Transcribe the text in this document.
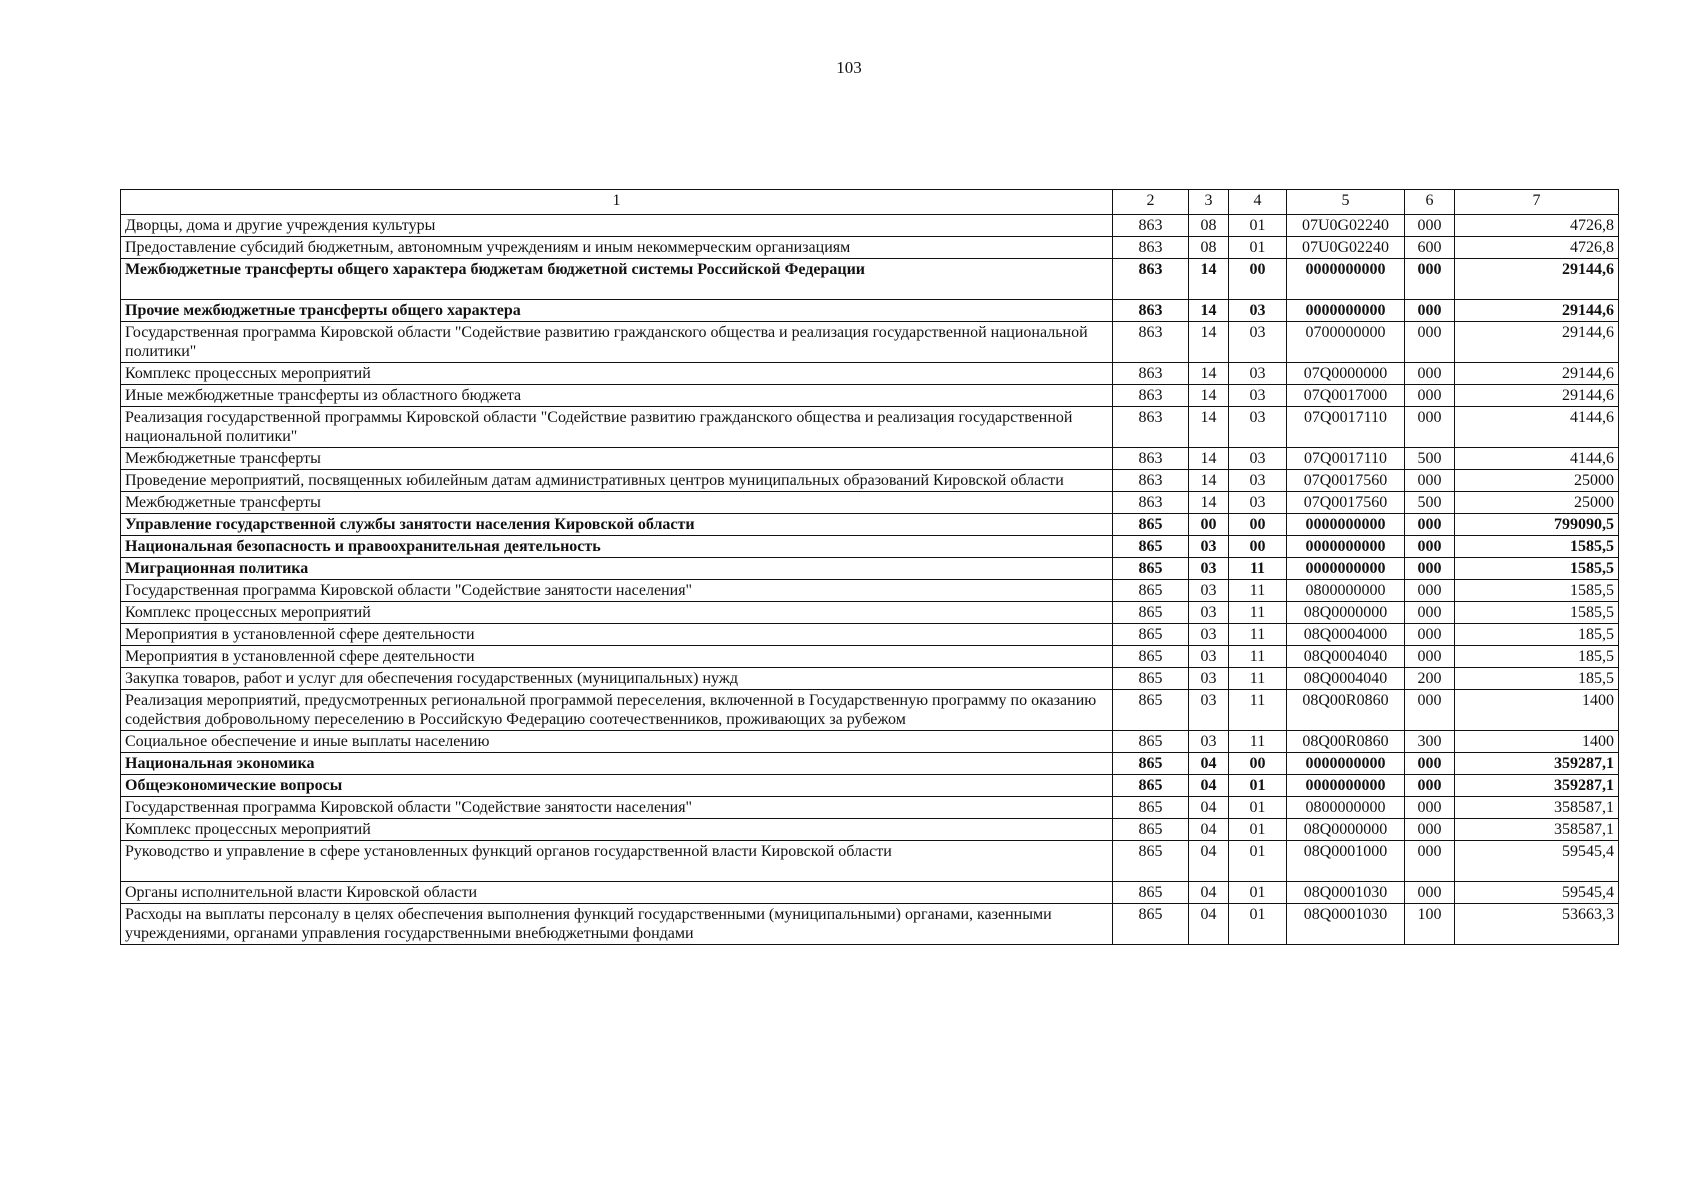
103
1	2	3	4	5	6	7
Дворцы, дома и другие учреждения культуры	863	08	01	07U0G02240	000	4726,8
Предоставление субсидий бюджетным, автономным учреждениям и иным некоммерческим организациям	863	08	01	07U0G02240	600	4726,8
Межбюджетные трансферты общего характера бюджетам бюджетной системы Российской Федерации	863	14	00	0000000000	000	29144,6
Прочие межбюджетные трансферты общего характера	863	14	03	0000000000	000	29144,6
Государственная программа Кировской области "Содействие развитию гражданского общества и реализация государственной национальной политики"	863	14	03	0700000000	000	29144,6
Комплекс процессных мероприятий	863	14	03	07Q0000000	000	29144,6
Иные межбюджетные трансферты из областного бюджета	863	14	03	07Q0017000	000	29144,6
Реализация государственной программы Кировской области "Содействие развитию гражданского общества и реализация государственной национальной политики"	863	14	03	07Q0017110	000	4144,6
Межбюджетные трансферты	863	14	03	07Q0017110	500	4144,6
Проведение мероприятий, посвященных юбилейным датам административных центров муниципальных образований Кировской области	863	14	03	07Q0017560	000	25000
Межбюджетные трансферты	863	14	03	07Q0017560	500	25000
Управление государственной службы занятости населения Кировской области	865	00	00	0000000000	000	799090,5
Национальная безопасность и правоохранительная деятельность	865	03	00	0000000000	000	1585,5
Миграционная политика	865	03	11	0000000000	000	1585,5
Государственная программа Кировской области "Содействие занятости населения"	865	03	11	0800000000	000	1585,5
Комплекс процессных мероприятий	865	03	11	08Q0000000	000	1585,5
Мероприятия в установленной сфере деятельности	865	03	11	08Q0004000	000	185,5
Мероприятия в установленной сфере деятельности	865	03	11	08Q0004040	000	185,5
Закупка товаров, работ и услуг для обеспечения государственных (муниципальных) нужд	865	03	11	08Q0004040	200	185,5
Реализация мероприятий, предусмотренных региональной программой переселения, включенной в Государственную программу по оказанию содействия добровольному переселению в Российскую Федерацию соотечественников, проживающих за рубежом	865	03	11	08Q00R0860	000	1400
Социальное обеспечение и иные выплаты населению	865	03	11	08Q00R0860	300	1400
Национальная экономика	865	04	00	0000000000	000	359287,1
Общеэкономические вопросы	865	04	01	0000000000	000	359287,1
Государственная программа Кировской области "Содействие занятости населения"	865	04	01	0800000000	000	358587,1
Комплекс процессных мероприятий	865	04	01	08Q0000000	000	358587,1
Руководство и управление в сфере установленных функций органов государственной власти Кировской области	865	04	01	08Q0001000	000	59545,4
Органы исполнительной власти Кировской области	865	04	01	08Q0001030	000	59545,4
Расходы на выплаты персоналу в целях обеспечения выполнения функций государственными (муниципальными) органами, казенными учреждениями, органами управления государственными внебюджетными фондами	865	04	01	08Q0001030	100	53663,3
